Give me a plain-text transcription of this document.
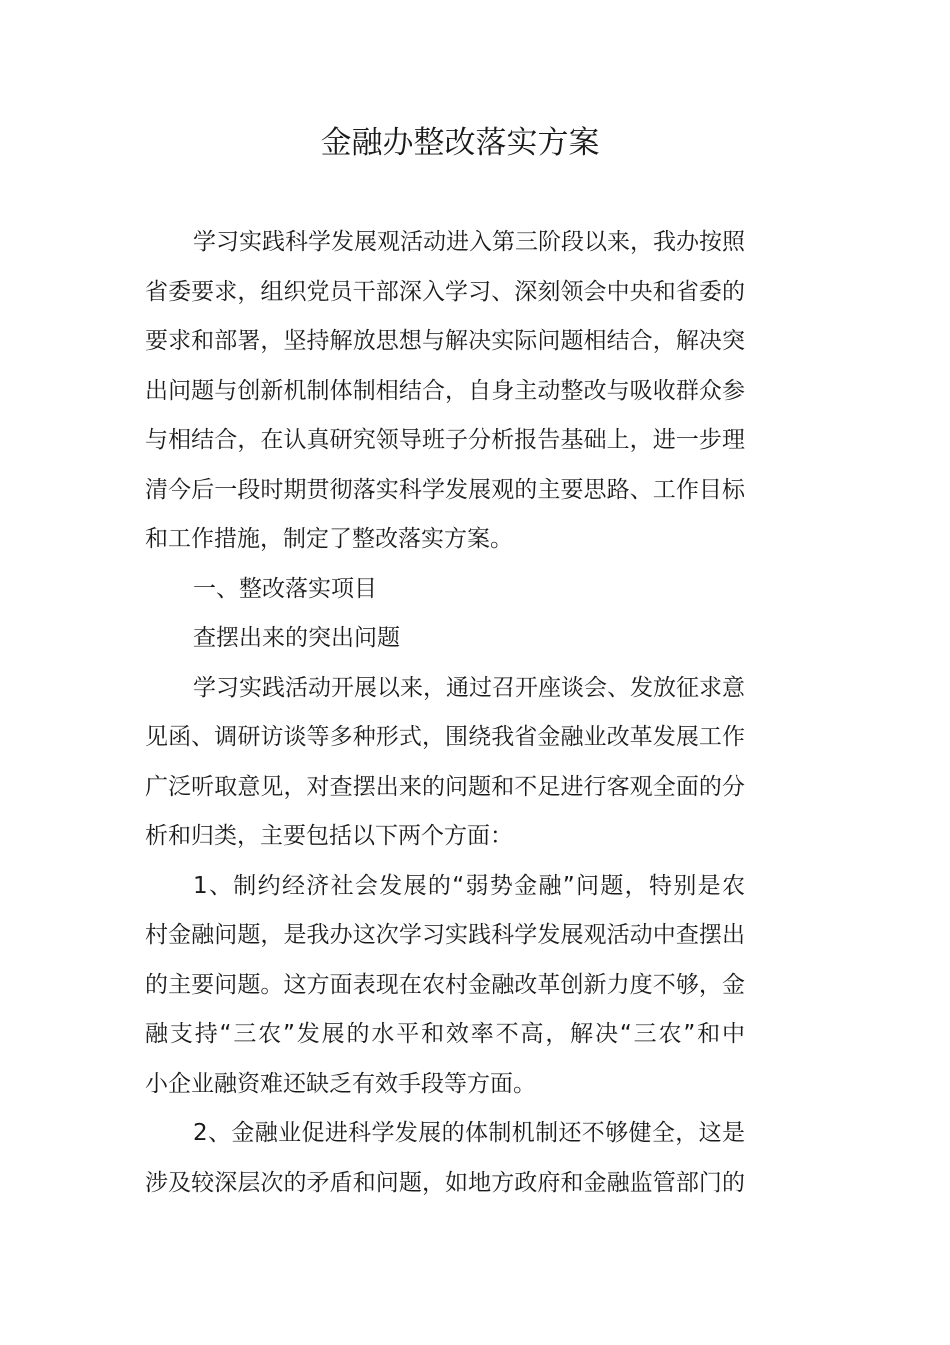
金融办整改落实方案
学习实践科学发展观活动进入第三阶段以来，我办按照
省委要求，组织党员干部深入学习、深刻领会中央和省委的
要求和部署，坚持解放思想与解决实际问题相结合，解决突
出问题与创新机制体制相结合，自身主动整改与吸收群众参
与相结合，在认真研究领导班子分析报告基础上，进一步理
清今后一段时期贯彻落实科学发展观的主要思路、工作目标
和工作措施，制定了整改落实方案。
一、整改落实项目
查摆出来的突出问题
学习实践活动开展以来，通过召开座谈会、发放征求意
见函、调研访谈等多种形式，围绕我省金融业改革发展工作
广泛听取意见，对查摆出来的问题和不足进行客观全面的分
析和归类，主要包括以下两个方面：
1、制约经济社会发展的“弱势金融”问题，特别是农
村金融问题，是我办这次学习实践科学发展观活动中查摆出
的主要问题。这方面表现在农村金融改革创新力度不够，金
融支持“三农”发展的水平和效率不高，解决“三农”和中
小企业融资难还缺乏有效手段等方面。
2、金融业促进科学发展的体制机制还不够健全，这是
涉及较深层次的矛盾和问题，如地方政府和金融监管部门的
